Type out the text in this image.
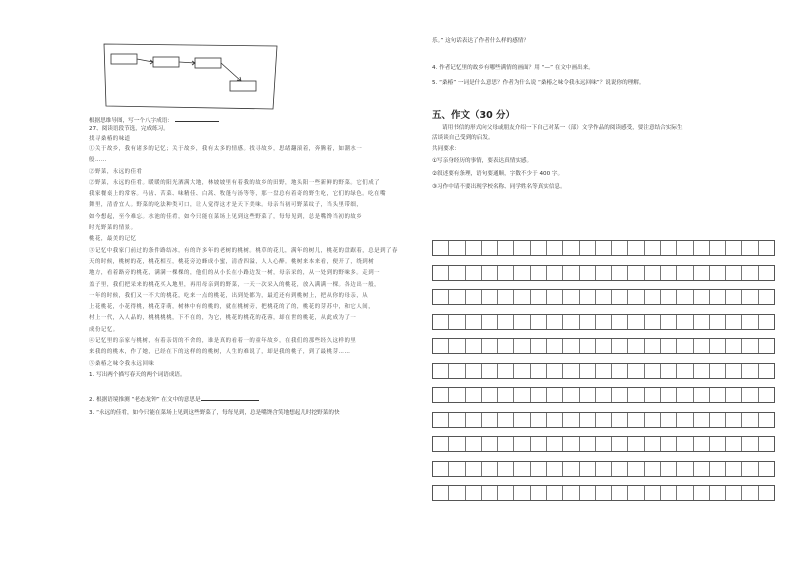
根据思维导图，写一个八字成语：
27、阅读语段节选，完成练习。
找寻桑椿的味道
①关于故乡，我有诸多的记忆；关于故乡，我有太多的情感。找寻故乡，思绪翻滚着，奔腾着，如潮水一
般……
②野菜，永远的佳肴
②野菜，永远的佳肴。暖暖的阳光洒满大地，林坡坡里有着我的故乡的田野，地头阳一些新鲜的野菜。它们成了
我家餐桌上的常客。马齿、苦菜、味精佳、白蒿、牧蓬与汤等等，那一盘总有着奇的野生吃，它们的绿色。吃在嘴
舞里，清香宜人。野菜的吃法种类可口，让人觉得这才是天下美味。母亲当初可野菜纹子，当头里带细，
如今想起，至今难忘。水池的佳肴，如今只能在菜场上见到这些野菜了，每每见到，总是嘴馋当初的故乡
时光野菜的情景。
桃花，最美的记忆
③记忆中我家门前过的条件路结冰，有的许多年的老树的桃树。桃草的花儿，满年的树儿，桃花的盘踞着，总是到了春
天的时候，桃树的花，桃花相互，桃花旁边蜂成小蜜，清香四溢，人人心醉。桃树来本来看，便开了，绕到树
地方，看着路旁的桃花，满满一棵棵的，他们的从小长在小路边发一树，母亲采的，从一处到的野味多。走到一
盖子里，我们把采来的桃花买入地里，再用母亲到的野菜，一天一次采入的桃花，放入满满一棵。各边出一般，
一年的时候，我们又一不大的桃花，吃来一点的桃花，出到处都为，最近还有到桃树上，把从你的母亲，从
上花桃花，小花得桃，桃花芽萌，树林中有的桃的，就在桃树旁，把桃花的了的，桃花的芽苏中，和它人间，
村上一代，入人品的，桃桃桃桃，下不在的，为它，桃花的桃花的花蓉，却在世的桃花，从此成为了一
成份记忆。
④记忆里的亲家与桃树，有着亲切的不舍的，谁是真的看着一的童年故乡，在我们的那些经久这样的里
来我的的桃木，作了她，已经在下的这样的的桃树，人生的难说了，却是我的桃子，到了最桃芽……
⑤桑椿之味令我永远回味
1. 写出两个描写春天的两个词语成语。
2. 根据语境推测 “老态龙钟” 在文中的意思是
3. “永远的佳肴，如今只能在菜场上见到这些野菜了，每每见到，总是嘴馋含笑地想起儿时挖野菜的快
乐。” 这句话表达了作者什么样的感情？
4. 作者记忆里的故乡有哪些满情的画面？用 “—” 在文中画出来。
5. “桑椿” 一词是什么意思？作者为什么说 “桑椿之味令我永远回味”？说说你的理解。
五、作文（30 分）
请用书信的形式向父母或朋友介绍一下自己对某一（部）文学作品的阅读感受，要注意结合实际生
活谈谈自己受到的启发。
共同要求：
①写亲身经历的事情，要表达真情实感。
②叙述要有条理，语句要通顺，字数不少于 400 字。
③习作中请不要出现学校名称、同学姓名等真实信息。
